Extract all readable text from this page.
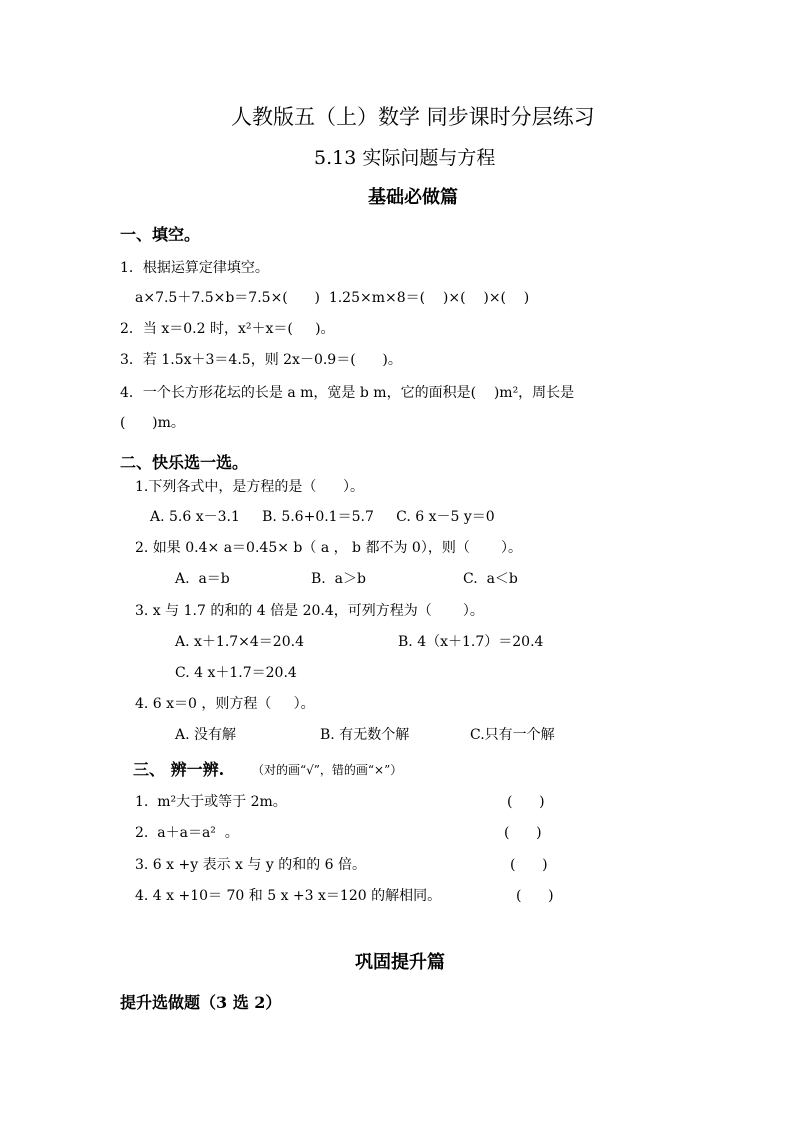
人教版五（上）数学 同步课时分层练习
5.13 实际问题与方程
基础必做篇
一、填空。
1．根据运算定律填空。
a×7.5＋7.5×b＝7.5×(      )  1.25×m×8＝(    )×(    )×(    )
2．当 x＝0.2 时，x²＋x＝(     )。
3．若 1.5x＋3＝4.5，则 2x－0.9＝(      )。
4．一个长方形花坛的长是 a m，宽是 b m，它的面积是(    )m²，周长是
(      )m。
二、快乐选一选。
1.下列各式中，是方程的是（      ）。
A. 5.6 x－3.1     B. 5.6+0.1＝5.7     C. 6 x－5 y＝0
2. 如果 0.4× a＝0.45× b（ a ， b 都不为 0），则（       ）。
A.  a＝b	B.  a＞b	C.  a＜b
3. x 与 1.7 的和的 4 倍是 20.4，可列方程为（       ）。
A. x＋1.7×4＝20.4	B. 4（x＋1.7）＝20.4
C. 4 x＋1.7＝20.4
4. 6 x＝0 ，则方程（     ）。
A. 没有解	B. 有无数个解	C.只有一个解
三、 辨一辨. （对的画“√”，错的画“×”）
1.  m²大于或等于 2m。	(      )
2.  a＋a＝a²  。	(      )
3. 6 x +y 表示 x 与 y 的和的 6 倍。	(      )
4. 4 x +10＝ 70 和 5 x +3 x＝120 的解相同。	(      )
巩固提升篇
提升选做题（3 选 2）
